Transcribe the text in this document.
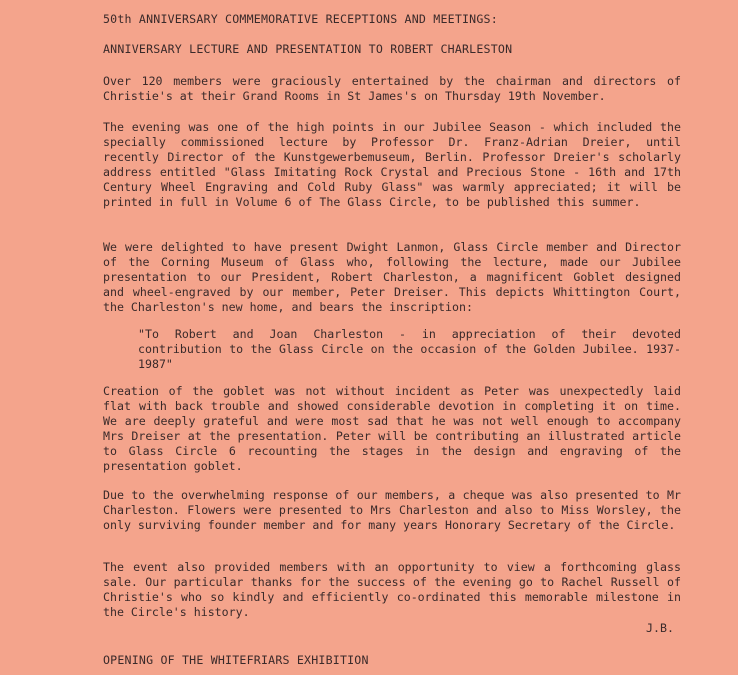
50th ANNIVERSARY COMMEMORATIVE RECEPTIONS AND MEETINGS:
ANNIVERSARY LECTURE AND PRESENTATION TO ROBERT CHARLESTON
Over 120 members were graciously entertained by the chairman and directors of Christie's at their Grand Rooms in St James's on Thursday 19th November.
The evening was one of the high points in our Jubilee Season - which included the specially commissioned lecture by Professor Dr. Franz-Adrian Dreier, until recently Director of the Kunstgewerbemuseum, Berlin. Professor Dreier's scholarly address entitled "Glass Imitating Rock Crystal and Precious Stone - 16th and 17th Century Wheel Engraving and Cold Ruby Glass" was warmly appreciated; it will be printed in full in Volume 6 of The Glass Circle, to be published this summer.
We were delighted to have present Dwight Lanmon, Glass Circle member and Director of the Corning Museum of Glass who, following the lecture, made our Jubilee presentation to our President, Robert Charleston, a magnificent Goblet designed and wheel-engraved by our member, Peter Dreiser. This depicts Whittington Court, the Charleston's new home, and bears the inscription:
"To Robert and Joan Charleston - in appreciation of their devoted contribution to the Glass Circle on the occasion of the Golden Jubilee. 1937-1987"
Creation of the goblet was not without incident as Peter was unexpectedly laid flat with back trouble and showed considerable devotion in completing it on time. We are deeply grateful and were most sad that he was not well enough to accompany Mrs Dreiser at the presentation. Peter will be contributing an illustrated article to Glass Circle 6 recounting the stages in the design and engraving of the presentation goblet.
Due to the overwhelming response of our members, a cheque was also presented to Mr Charleston. Flowers were presented to Mrs Charleston and also to Miss Worsley, the only surviving founder member and for many years Honorary Secretary of the Circle.
The event also provided members with an opportunity to view a forthcoming glass sale. Our particular thanks for the success of the evening go to Rachel Russell of Christie's who so kindly and efficiently co-ordinated this memorable milestone in the Circle's history.
J.B.
OPENING OF THE WHITEFRIARS EXHIBITION
